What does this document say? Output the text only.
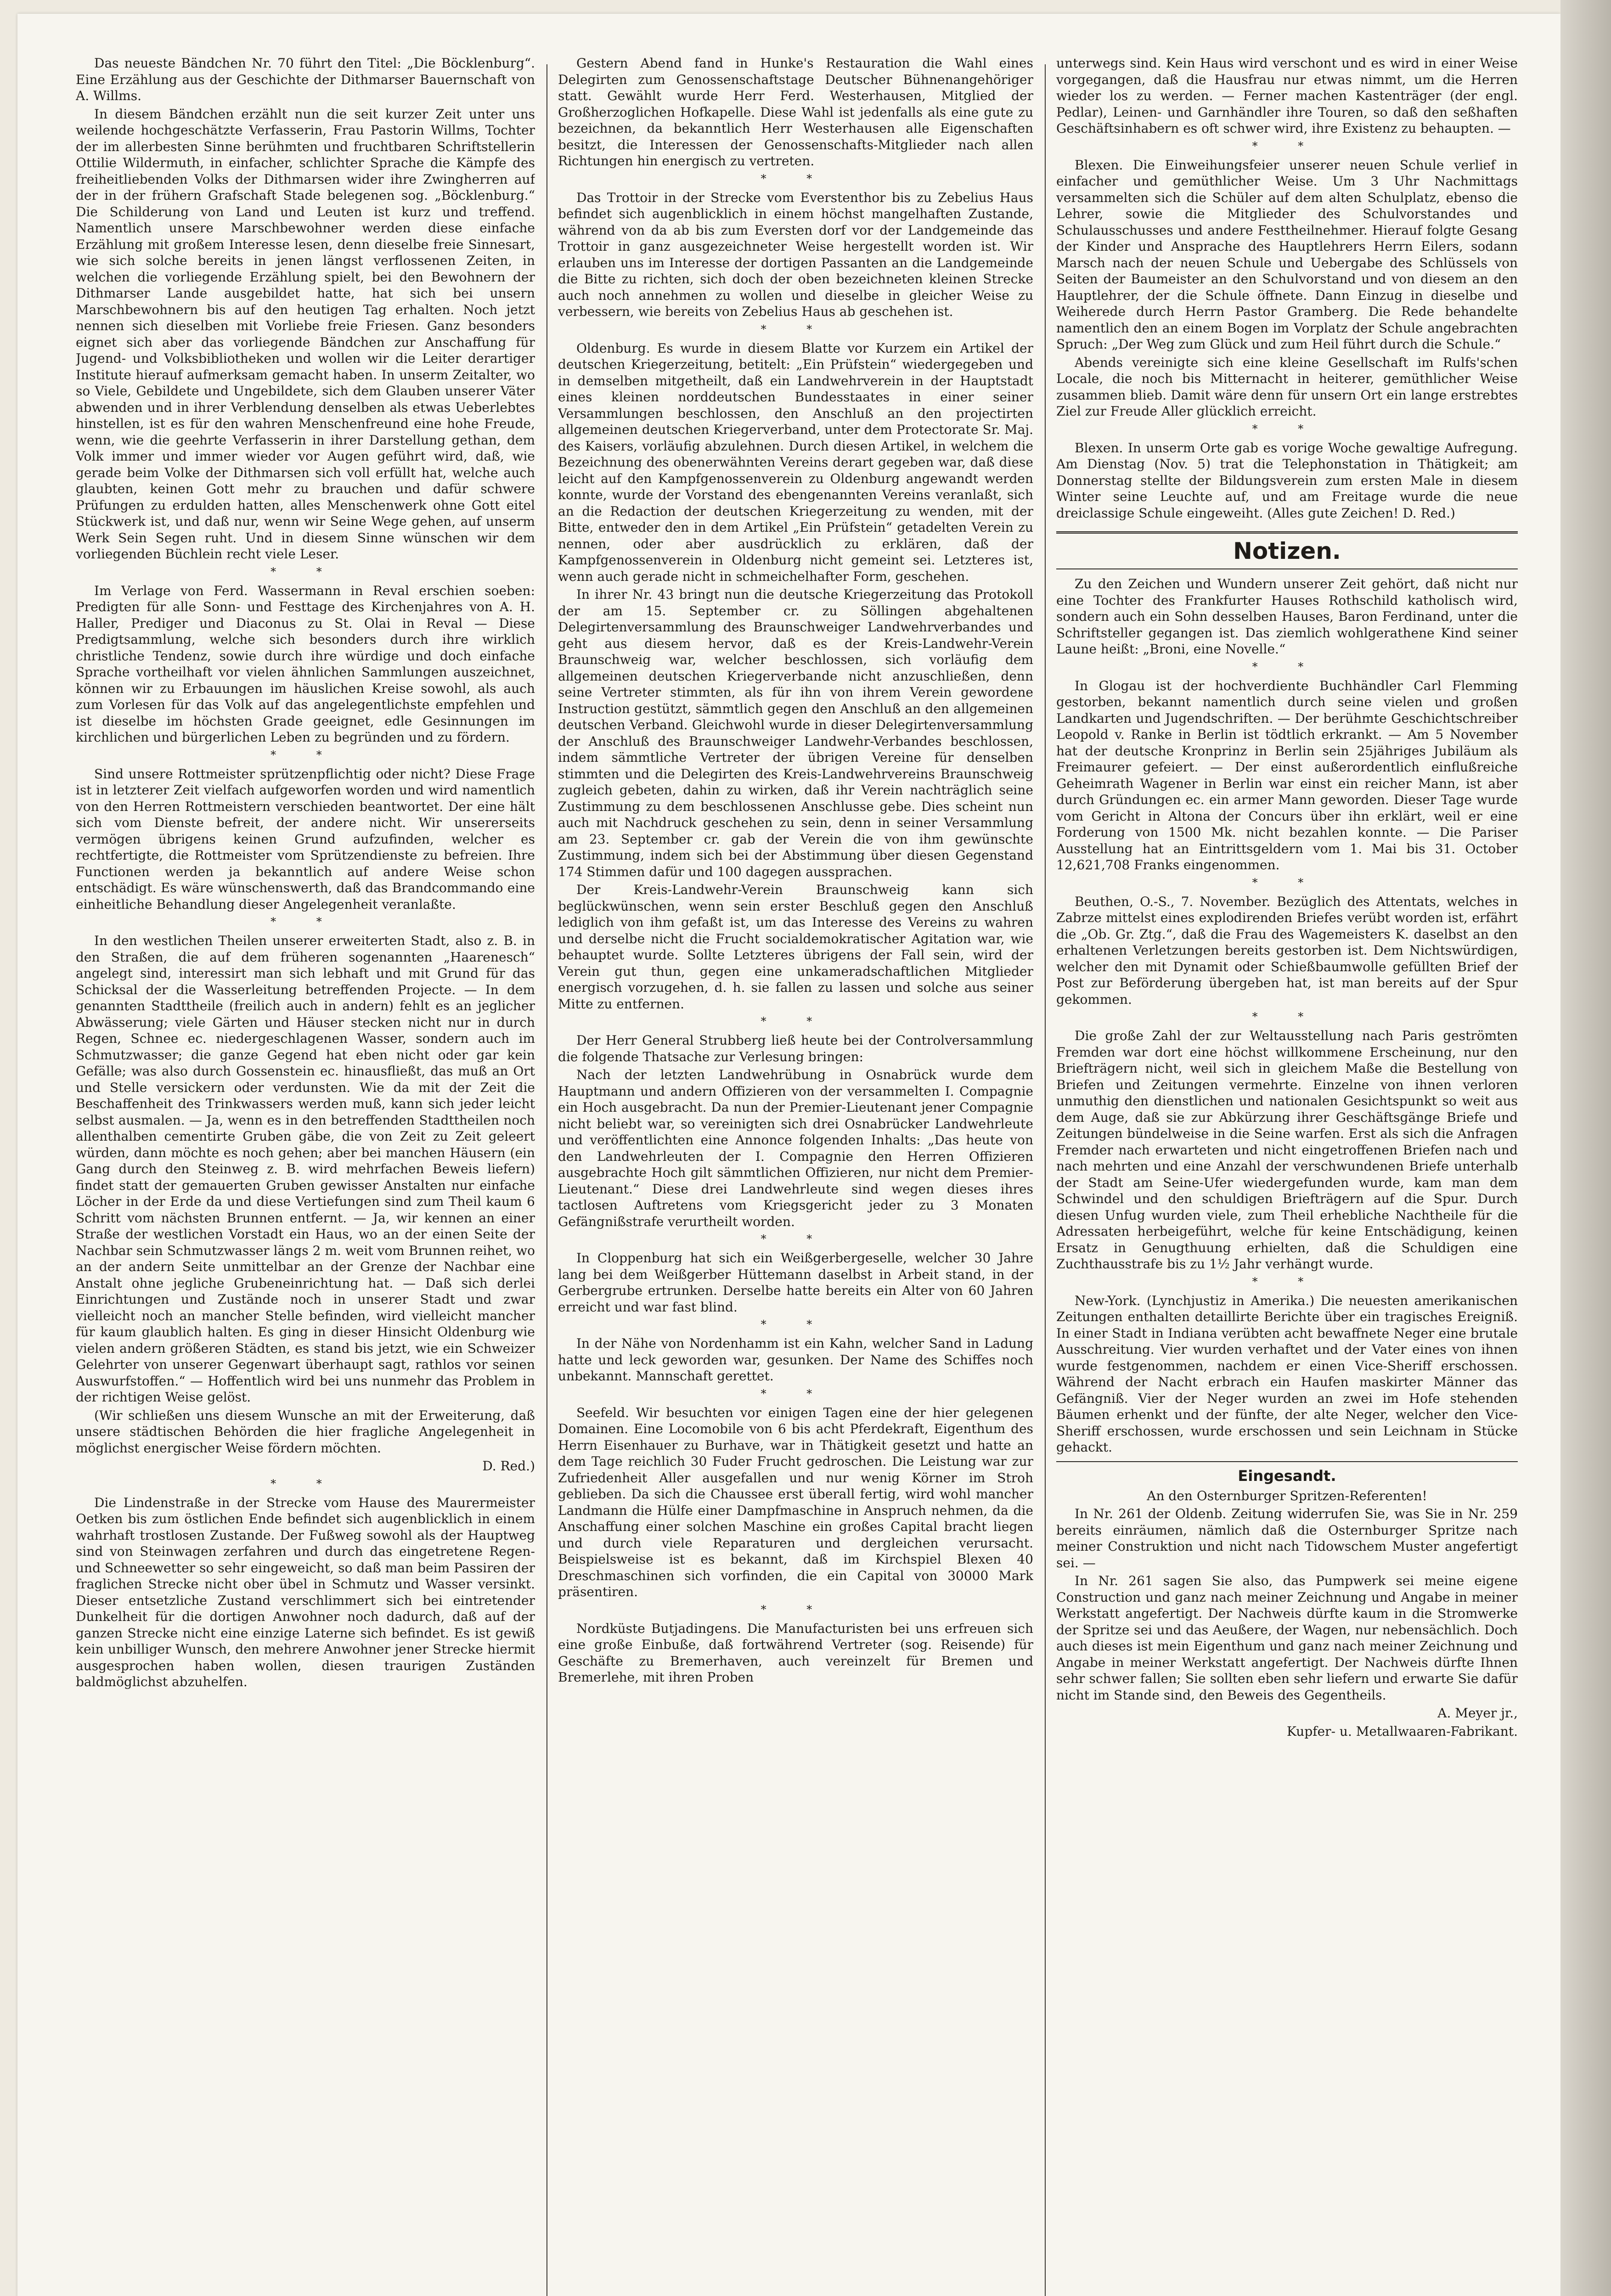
Das neueste Bändchen Nr. 70 führt den Titel: „Die Böcklenburg“. Eine Erzählung aus der Geschichte der Dithmarser Bauernschaft von A. Willms.

In diesem Bändchen erzählt nun die seit kurzer Zeit unter uns weilende hochgeschätzte Verfasserin, Frau Pastorin Willms, Tochter der im allerbesten Sinne berühmten und fruchtbaren Schriftstellerin Ottilie Wildermuth, in einfacher, schlichter Sprache die Kämpfe des freiheitliebenden Volks der Dithmarsen wider ihre Zwingherren auf der in der frühern Grafschaft Stade belegenen sog. „Böcklenburg.“ Die Schilderung von Land und Leuten ist kurz und treffend. Namentlich unsere Marschbewohner werden diese einfache Erzählung mit großem Interesse lesen, denn dieselbe freie Sinnesart, wie sich solche bereits in jenen längst verflossenen Zeiten, in welchen die vorliegende Erzählung spielt, bei den Bewohnern der Dithmarser Lande ausgebildet hatte, hat sich bei unsern Marschbewohnern bis auf den heutigen Tag erhalten. Noch jetzt nennen sich dieselben mit Vorliebe freie Friesen. Ganz besonders eignet sich aber das vorliegende Bändchen zur Anschaffung für Jugend- und Volksbibliotheken und wollen wir die Leiter derartiger Institute hierauf aufmerksam gemacht haben. In unserm Zeitalter, wo so Viele, Gebildete und Ungebildete, sich dem Glauben unserer Väter abwenden und in ihrer Verblendung denselben als etwas Ueberlebtes hinstellen, ist es für den wahren Menschenfreund eine hohe Freude, wenn, wie die geehrte Verfasserin in ihrer Darstellung gethan, dem Volk immer und immer wieder vor Augen geführt wird, daß, wie gerade beim Volke der Dithmarsen sich voll erfüllt hat, welche auch glaubten, keinen Gott mehr zu brauchen und dafür schwere Prüfungen zu erdulden hatten, alles Menschenwerk ohne Gott eitel Stückwerk ist, und daß nur, wenn wir Seine Wege gehen, auf unserm Werk Sein Segen ruht. Und in diesem Sinne wünschen wir dem vorliegenden Büchlein recht viele Leser.

* *

Im Verlage von Ferd. Wassermann in Reval erschien soeben: Predigten für alle Sonn- und Festtage des Kirchenjahres von A. H. Haller, Prediger und Diaconus zu St. Olai in Reval — Diese Predigtsammlung, welche sich besonders durch ihre wirklich christliche Tendenz, sowie durch ihre würdige und doch einfache Sprache vortheilhaft vor vielen ähnlichen Sammlungen auszeichnet, können wir zu Erbauungen im häuslichen Kreise sowohl, als auch zum Vorlesen für das Volk auf das angelegentlichste empfehlen und ist dieselbe im höchsten Grade geeignet, edle Gesinnungen im kirchlichen und bürgerlichen Leben zu begründen und zu fördern.

* *

Sind unsere Rottmeister sprützenpflichtig oder nicht? Diese Frage ist in letzterer Zeit vielfach aufgeworfen worden und wird namentlich von den Herren Rottmeistern verschieden beantwortet. Der eine hält sich vom Dienste befreit, der andere nicht. Wir unsererseits vermögen übrigens keinen Grund aufzufinden, welcher es rechtfertigte, die Rottmeister vom Sprützendienste zu befreien. Ihre Functionen werden ja bekanntlich auf andere Weise schon entschädigt. Es wäre wünschenswerth, daß das Brandcommando eine einheitliche Behandlung dieser Angelegenheit veranlaßte.

* *

In den westlichen Theilen unserer erweiterten Stadt, also z. B. in den Straßen, die auf dem früheren sogenannten „Haarenesch“ angelegt sind, interessirt man sich lebhaft und mit Grund für das Schicksal der die Wasserleitung betreffenden Projecte. — In dem genannten Stadttheile (freilich auch in andern) fehlt es an jeglicher Abwässerung; viele Gärten und Häuser stecken nicht nur in durch Regen, Schnee ec. niedergeschlagenen Wasser, sondern auch im Schmutzwasser; die ganze Gegend hat eben nicht oder gar kein Gefälle; was also durch Gossenstein ec. hinausfließt, das muß an Ort und Stelle versickern oder verdunsten. Wie da mit der Zeit die Beschaffenheit des Trinkwassers werden muß, kann sich jeder leicht selbst ausmalen. — Ja, wenn es in den betreffenden Stadttheilen noch allenthalben cementirte Gruben gäbe, die von Zeit zu Zeit geleert würden, dann möchte es noch gehen; aber bei manchen Häusern (ein Gang durch den Steinweg z. B. wird mehrfachen Beweis liefern) findet statt der gemauerten Gruben gewisser Anstalten nur einfache Löcher in der Erde da und diese Vertiefungen sind zum Theil kaum 6 Schritt vom nächsten Brunnen entfernt. — Ja, wir kennen an einer Straße der westlichen Vorstadt ein Haus, wo an der einen Seite der Nachbar sein Schmutzwasser längs 2 m. weit vom Brunnen reihet, wo an der andern Seite unmittelbar an der Grenze der Nachbar eine Anstalt ohne jegliche Grubeneinrichtung hat. — Daß sich derlei Einrichtungen und Zustände noch in unserer Stadt und zwar vielleicht noch an mancher Stelle befinden, wird vielleicht mancher für kaum glaublich halten. Es ging in dieser Hinsicht Oldenburg wie vielen andern größeren Städten, es stand bis jetzt, wie ein Schweizer Gelehrter von unserer Gegenwart überhaupt sagt, rathlos vor seinen Auswurfstoffen.“ — Hoffentlich wird bei uns nunmehr das Problem in der richtigen Weise gelöst.

(Wir schließen uns diesem Wunsche an mit der Erweiterung, daß unsere städtischen Behörden die hier fragliche Angelegenheit in möglichst energischer Weise fördern möchten.

D. Red.)

* *

Die Lindenstraße in der Strecke vom Hause des Maurermeister Oetken bis zum östlichen Ende befindet sich augenblicklich in einem wahrhaft trostlosen Zustande. Der Fußweg sowohl als der Hauptweg sind von Steinwagen zerfahren und durch das eingetretene Regen- und Schneewetter so sehr eingeweicht, so daß man beim Passiren der fraglichen Strecke nicht ober übel in Schmutz und Wasser versinkt. Dieser entsetzliche Zustand verschlimmert sich bei eintretender Dunkelheit für die dortigen Anwohner noch dadurch, daß auf der ganzen Strecke nicht eine einzige Laterne sich befindet. Es ist gewiß kein unbilliger Wunsch, den mehrere Anwohner jener Strecke hiermit ausgesprochen haben wollen, diesen traurigen Zuständen baldmöglichst abzuhelfen.

Gestern Abend fand in Hunke's Restauration die Wahl eines Delegirten zum Genossenschaftstage Deutscher Bühnenangehöriger statt. Gewählt wurde Herr Ferd. Westerhausen, Mitglied der Großherzoglichen Hofkapelle. Diese Wahl ist jedenfalls als eine gute zu bezeichnen, da bekanntlich Herr Westerhausen alle Eigenschaften besitzt, die Interessen der Genossenschafts-Mitglieder nach allen Richtungen hin energisch zu vertreten.

* *

Das Trottoir in der Strecke vom Everstenthor bis zu Zebelius Haus befindet sich augenblicklich in einem höchst mangelhaften Zustande, während von da ab bis zum Eversten dorf vor der Landgemeinde das Trottoir in ganz ausgezeichneter Weise hergestellt worden ist. Wir erlauben uns im Interesse der dortigen Passanten an die Landgemeinde die Bitte zu richten, sich doch der oben bezeichneten kleinen Strecke auch noch annehmen zu wollen und dieselbe in gleicher Weise zu verbessern, wie bereits von Zebelius Haus ab geschehen ist.

* *

Oldenburg. Es wurde in diesem Blatte vor Kurzem ein Artikel der deutschen Kriegerzeitung, betitelt: „Ein Prüfstein“ wiedergegeben und in demselben mitgetheilt, daß ein Landwehrverein in der Hauptstadt eines kleinen norddeutschen Bundesstaates in einer seiner Versammlungen beschlossen, den Anschluß an den projectirten allgemeinen deutschen Kriegerverband, unter dem Protectorate Sr. Maj. des Kaisers, vorläufig abzulehnen. Durch diesen Artikel, in welchem die Bezeichnung des obenerwähnten Vereins derart gegeben war, daß diese leicht auf den Kampfgenossenverein zu Oldenburg angewandt werden konnte, wurde der Vorstand des ebengenannten Vereins veranlaßt, sich an die Redaction der deutschen Kriegerzeitung zu wenden, mit der Bitte, entweder den in dem Artikel „Ein Prüfstein“ getadelten Verein zu nennen, oder aber ausdrücklich zu erklären, daß der Kampfgenossenverein in Oldenburg nicht gemeint sei. Letzteres ist, wenn auch gerade nicht in schmeichelhafter Form, geschehen.

In ihrer Nr. 43 bringt nun die deutsche Kriegerzeitung das Protokoll der am 15. September cr. zu Söllingen abgehaltenen Delegirtenversammlung des Braunschweiger Landwehrverbandes und geht aus diesem hervor, daß es der Kreis-Landwehr-Verein Braunschweig war, welcher beschlossen, sich vorläufig dem allgemeinen deutschen Kriegerverbande nicht anzuschließen, denn seine Vertreter stimmten, als für ihn von ihrem Verein gewordene Instruction gestützt, sämmtlich gegen den Anschluß an den allgemeinen deutschen Verband. Gleichwohl wurde in dieser Delegirtenversammlung der Anschluß des Braunschweiger Landwehr-Verbandes beschlossen, indem sämmtliche Vertreter der übrigen Vereine für denselben stimmten und die Delegirten des Kreis-Landwehrvereins Braunschweig zugleich gebeten, dahin zu wirken, daß ihr Verein nachträglich seine Zustimmung zu dem beschlossenen Anschlusse gebe. Dies scheint nun auch mit Nachdruck geschehen zu sein, denn in seiner Versammlung am 23. September cr. gab der Verein die von ihm gewünschte Zustimmung, indem sich bei der Abstimmung über diesen Gegenstand 174 Stimmen dafür und 100 dagegen aussprachen.

Der Kreis-Landwehr-Verein Braunschweig kann sich beglückwünschen, wenn sein erster Beschluß gegen den Anschluß lediglich von ihm gefaßt ist, um das Interesse des Vereins zu wahren und derselbe nicht die Frucht socialdemokratischer Agitation war, wie behauptet wurde. Sollte Letzteres übrigens der Fall sein, wird der Verein gut thun, gegen eine unkameradschaftlichen Mitglieder energisch vorzugehen, d. h. sie fallen zu lassen und solche aus seiner Mitte zu entfernen.

* *

Der Herr General Strubberg ließ heute bei der Controlversammlung die folgende Thatsache zur Verlesung bringen:

Nach der letzten Landwehrübung in Osnabrück wurde dem Hauptmann und andern Offizieren von der versammelten I. Compagnie ein Hoch ausgebracht. Da nun der Premier-Lieutenant jener Compagnie nicht beliebt war, so vereinigten sich drei Osnabrücker Landwehrleute und veröffentlichten eine Annonce folgenden Inhalts: „Das heute von den Landwehrleuten der I. Compagnie den Herren Offizieren ausgebrachte Hoch gilt sämmtlichen Offizieren, nur nicht dem Premier-Lieutenant.“ Diese drei Landwehrleute sind wegen dieses ihres tactlosen Auftretens vom Kriegsgericht jeder zu 3 Monaten Gefängnißstrafe verurtheilt worden.

* *

In Cloppenburg hat sich ein Weißgerbergeselle, welcher 30 Jahre lang bei dem Weißgerber Hüttemann daselbst in Arbeit stand, in der Gerbergrube ertrunken. Derselbe hatte bereits ein Alter von 60 Jahren erreicht und war fast blind.

* *

In der Nähe von Nordenhamm ist ein Kahn, welcher Sand in Ladung hatte und leck geworden war, gesunken. Der Name des Schiffes noch unbekannt. Mannschaft gerettet.

* *

Seefeld. Wir besuchten vor einigen Tagen eine der hier gelegenen Domainen. Eine Locomobile von 6 bis acht Pferdekraft, Eigenthum des Herrn Eisenhauer zu Burhave, war in Thätigkeit gesetzt und hatte an dem Tage reichlich 30 Fuder Frucht gedroschen. Die Leistung war zur Zufriedenheit Aller ausgefallen und nur wenig Körner im Stroh geblieben. Da sich die Chaussee erst überall fertig, wird wohl mancher Landmann die Hülfe einer Dampfmaschine in Anspruch nehmen, da die Anschaffung einer solchen Maschine ein großes Capital bracht liegen und durch viele Reparaturen und dergleichen verursacht. Beispielsweise ist es bekannt, daß im Kirchspiel Blexen 40 Dreschmaschinen sich vorfinden, die ein Capital von 30000 Mark präsentiren.

* *

Nordküste Butjadingens. Die Manufacturisten bei uns erfreuen sich eine große Einbuße, daß fortwährend Vertreter (sog. Reisende) für Geschäfte zu Bremerhaven, auch vereinzelt für Bremen und Bremerlehe, mit ihren Proben

unterwegs sind. Kein Haus wird verschont und es wird in einer Weise vorgegangen, daß die Hausfrau nur etwas nimmt, um die Herren wieder los zu werden. — Ferner machen Kastenträger (der engl. Pedlar), Leinen- und Garnhändler ihre Touren, so daß den seßhaften Geschäftsinhabern es oft schwer wird, ihre Existenz zu behaupten. —

* *

Blexen. Die Einweihungsfeier unserer neuen Schule verlief in einfacher und gemüthlicher Weise. Um 3 Uhr Nachmittags versammelten sich die Schüler auf dem alten Schulplatz, ebenso die Lehrer, sowie die Mitglieder des Schulvorstandes und Schulausschusses und andere Festtheilnehmer. Hierauf folgte Gesang der Kinder und Ansprache des Hauptlehrers Herrn Eilers, sodann Marsch nach der neuen Schule und Uebergabe des Schlüssels von Seiten der Baumeister an den Schulvorstand und von diesem an den Hauptlehrer, der die Schule öffnete. Dann Einzug in dieselbe und Weiherede durch Herrn Pastor Gramberg. Die Rede behandelte namentlich den an einem Bogen im Vorplatz der Schule angebrachten Spruch: „Der Weg zum Glück und zum Heil führt durch die Schule.“

Abends vereinigte sich eine kleine Gesellschaft im Rulfs'schen Locale, die noch bis Mitternacht in heiterer, gemüthlicher Weise zusammen blieb. Damit wäre denn für unsern Ort ein lange erstrebtes Ziel zur Freude Aller glücklich erreicht.

* *

Blexen. In unserm Orte gab es vorige Woche gewaltige Aufregung. Am Dienstag (Nov. 5) trat die Telephonstation in Thätigkeit; am Donnerstag stellte der Bildungsverein zum ersten Male in diesem Winter seine Leuchte auf, und am Freitage wurde die neue dreiclassige Schule eingeweiht. (Alles gute Zeichen! D. Red.)

Notizen.

Zu den Zeichen und Wundern unserer Zeit gehört, daß nicht nur eine Tochter des Frankfurter Hauses Rothschild katholisch wird, sondern auch ein Sohn desselben Hauses, Baron Ferdinand, unter die Schriftsteller gegangen ist. Das ziemlich wohlgerathene Kind seiner Laune heißt: „Broni, eine Novelle.“

* *

In Glogau ist der hochverdiente Buchhändler Carl Flemming gestorben, bekannt namentlich durch seine vielen und großen Landkarten und Jugendschriften. — Der berühmte Geschichtschreiber Leopold v. Ranke in Berlin ist tödtlich erkrankt. — Am 5 November hat der deutsche Kronprinz in Berlin sein 25jähriges Jubiläum als Freimaurer gefeiert. — Der einst außerordentlich einflußreiche Geheimrath Wagener in Berlin war einst ein reicher Mann, ist aber durch Gründungen ec. ein armer Mann geworden. Dieser Tage wurde vom Gericht in Altona der Concurs über ihn erklärt, weil er eine Forderung von 1500 Mk. nicht bezahlen konnte. — Die Pariser Ausstellung hat an Eintrittsgeldern vom 1. Mai bis 31. October 12,621,708 Franks eingenommen.

* *

Beuthen, O.-S., 7. November. Bezüglich des Attentats, welches in Zabrze mittelst eines explodirenden Briefes verübt worden ist, erfährt die „Ob. Gr. Ztg.“, daß die Frau des Wagemeisters K. daselbst an den erhaltenen Verletzungen bereits gestorben ist. Dem Nichtswürdigen, welcher den mit Dynamit oder Schießbaumwolle gefüllten Brief der Post zur Beförderung übergeben hat, ist man bereits auf der Spur gekommen.

* *

Die große Zahl der zur Weltausstellung nach Paris geströmten Fremden war dort eine höchst willkommene Erscheinung, nur den Briefträgern nicht, weil sich in gleichem Maße die Bestellung von Briefen und Zeitungen vermehrte. Einzelne von ihnen verloren unmuthig den dienstlichen und nationalen Gesichtspunkt so weit aus dem Auge, daß sie zur Abkürzung ihrer Geschäftsgänge Briefe und Zeitungen bündelweise in die Seine warfen. Erst als sich die Anfragen Fremder nach erwarteten und nicht eingetroffenen Briefen nach und nach mehrten und eine Anzahl der verschwundenen Briefe unterhalb der Stadt am Seine-Ufer wiedergefunden wurde, kam man dem Schwindel und den schuldigen Briefträgern auf die Spur. Durch diesen Unfug wurden viele, zum Theil erhebliche Nachtheile für die Adressaten herbeigeführt, welche für keine Entschädigung, keinen Ersatz in Genugthuung erhielten, daß die Schuldigen eine Zuchthausstrafe bis zu 1½ Jahr verhängt wurde.

* *

New-York. (Lynchjustiz in Amerika.) Die neuesten amerikanischen Zeitungen enthalten detaillirte Berichte über ein tragisches Ereigniß. In einer Stadt in Indiana verübten acht bewaffnete Neger eine brutale Ausschreitung. Vier wurden verhaftet und der Vater eines von ihnen wurde festgenommen, nachdem er einen Vice-Sheriff erschossen. Während der Nacht erbrach ein Haufen maskirter Männer das Gefängniß. Vier der Neger wurden an zwei im Hofe stehenden Bäumen erhenkt und der fünfte, der alte Neger, welcher den Vice-Sheriff erschossen, wurde erschossen und sein Leichnam in Stücke gehackt.

Eingesandt.

An den Osternburger Spritzen-Referenten!

In Nr. 261 der Oldenb. Zeitung widerrufen Sie, was Sie in Nr. 259 bereits einräumen, nämlich daß die Osternburger Spritze nach meiner Construktion und nicht nach Tidowschem Muster angefertigt sei. —

In Nr. 261 sagen Sie also, das Pumpwerk sei meine eigene Construction und ganz nach meiner Zeichnung und Angabe in meiner Werkstatt angefertigt. Der Nachweis dürfte kaum in die Stromwerke der Spritze sei und das Aeußere, der Wagen, nur nebensächlich. Doch auch dieses ist mein Eigenthum und ganz nach meiner Zeichnung und Angabe in meiner Werkstatt angefertigt. Der Nachweis dürfte Ihnen sehr schwer fallen; Sie sollten eben sehr liefern und erwarte Sie dafür nicht im Stande sind, den Beweis des Gegentheils.

A. Meyer jr.,

Kupfer- u. Metallwaaren-Fabrikant.
